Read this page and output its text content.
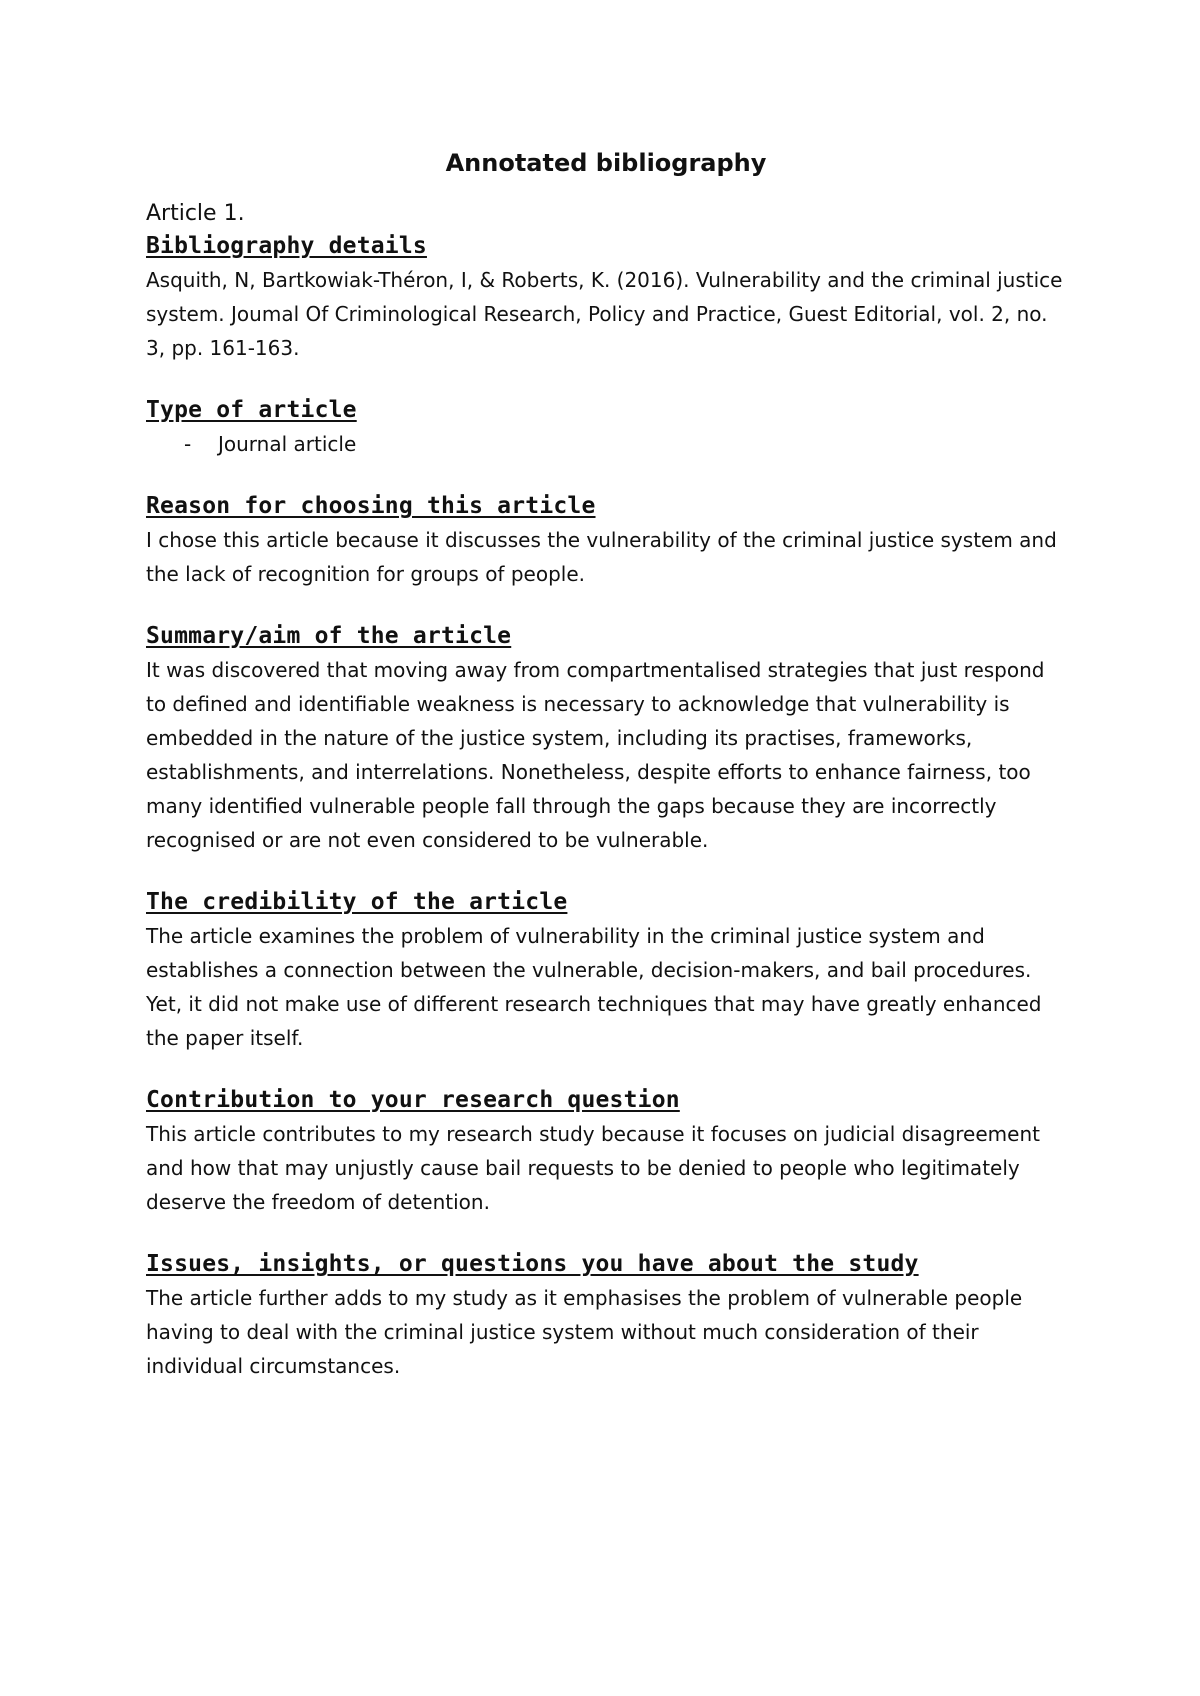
Annotated bibliography

Article 1.

Bibliography details

Asquith, N, Bartkowiak-Théron, I, & Roberts, K. (2016). Vulnerability and the criminal justice system. Joumal Of Criminological Research, Policy and Practice, Guest Editorial, vol. 2, no. 3, pp. 161-163.

Type of article
- Journal article
Reason for choosing this article

I chose this article because it discusses the vulnerability of the criminal justice system and the lack of recognition for groups of people.

Summary/aim of the article

It was discovered that moving away from compartmentalised strategies that just respond to defined and identifiable weakness is necessary to acknowledge that vulnerability is embedded in the nature of the justice system, including its practises, frameworks, establishments, and interrelations. Nonetheless, despite efforts to enhance fairness, too many identified vulnerable people fall through the gaps because they are incorrectly recognised or are not even considered to be vulnerable.

The credibility of the article

The article examines the problem of vulnerability in the criminal justice system and establishes a connection between the vulnerable, decision-makers, and bail procedures. Yet, it did not make use of different research techniques that may have greatly enhanced the paper itself.

Contribution to your research question

This article contributes to my research study because it focuses on judicial disagreement and how that may unjustly cause bail requests to be denied to people who legitimately deserve the freedom of detention.

Issues, insights, or questions you have about the study

The article further adds to my study as it emphasises the problem of vulnerable people having to deal with the criminal justice system without much consideration of their individual circumstances.
